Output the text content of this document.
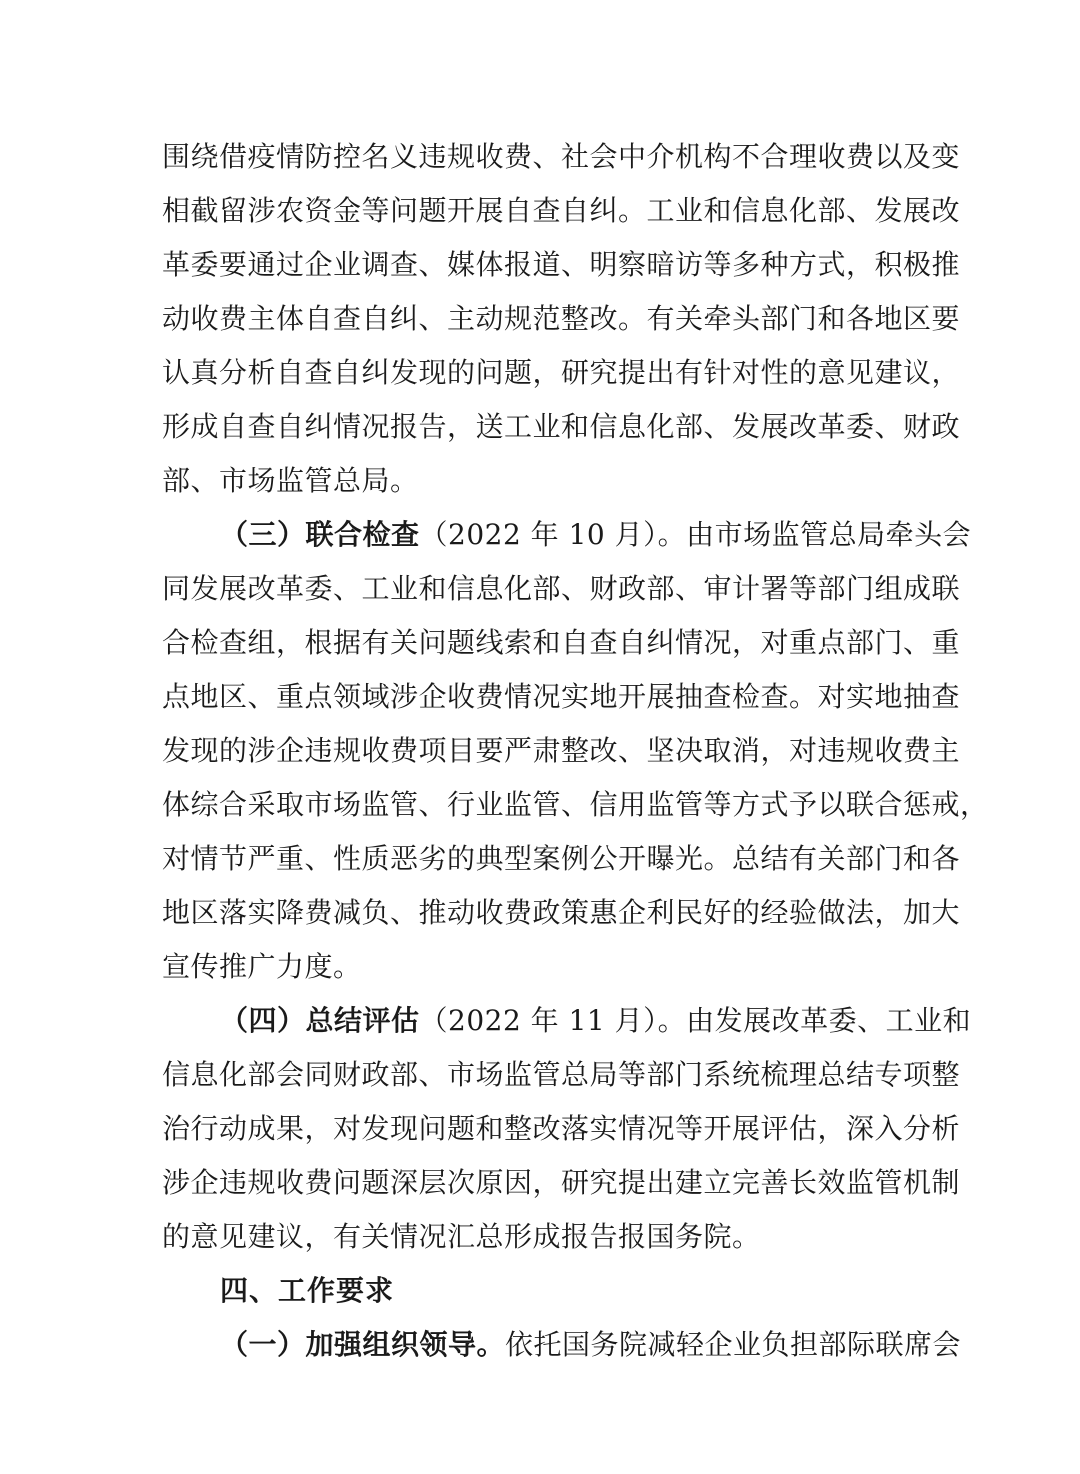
围绕借疫情防控名义违规收费、社会中介机构不合理收费以及变
相截留涉农资金等问题开展自查自纠。工业和信息化部、发展改
革委要通过企业调查、媒体报道、明察暗访等多种方式，积极推
动收费主体自查自纠、主动规范整改。有关牵头部门和各地区要
认真分析自查自纠发现的问题，研究提出有针对性的意见建议，
形成自查自纠情况报告，送工业和信息化部、发展改革委、财政
部、市场监管总局。
（三）联合检查（2022 年 10 月）。由市场监管总局牵头会
同发展改革委、工业和信息化部、财政部、审计署等部门组成联
合检查组，根据有关问题线索和自查自纠情况，对重点部门、重
点地区、重点领域涉企收费情况实地开展抽查检查。对实地抽查
发现的涉企违规收费项目要严肃整改、坚决取消，对违规收费主
体综合采取市场监管、行业监管、信用监管等方式予以联合惩戒，
对情节严重、性质恶劣的典型案例公开曝光。总结有关部门和各
地区落实降费减负、推动收费政策惠企利民好的经验做法，加大
宣传推广力度。
（四）总结评估（2022 年 11 月）。由发展改革委、工业和
信息化部会同财政部、市场监管总局等部门系统梳理总结专项整
治行动成果，对发现问题和整改落实情况等开展评估，深入分析
涉企违规收费问题深层次原因，研究提出建立完善长效监管机制
的意见建议，有关情况汇总形成报告报国务院。
四、工作要求
（一）加强组织领导。依托国务院减轻企业负担部际联席会
